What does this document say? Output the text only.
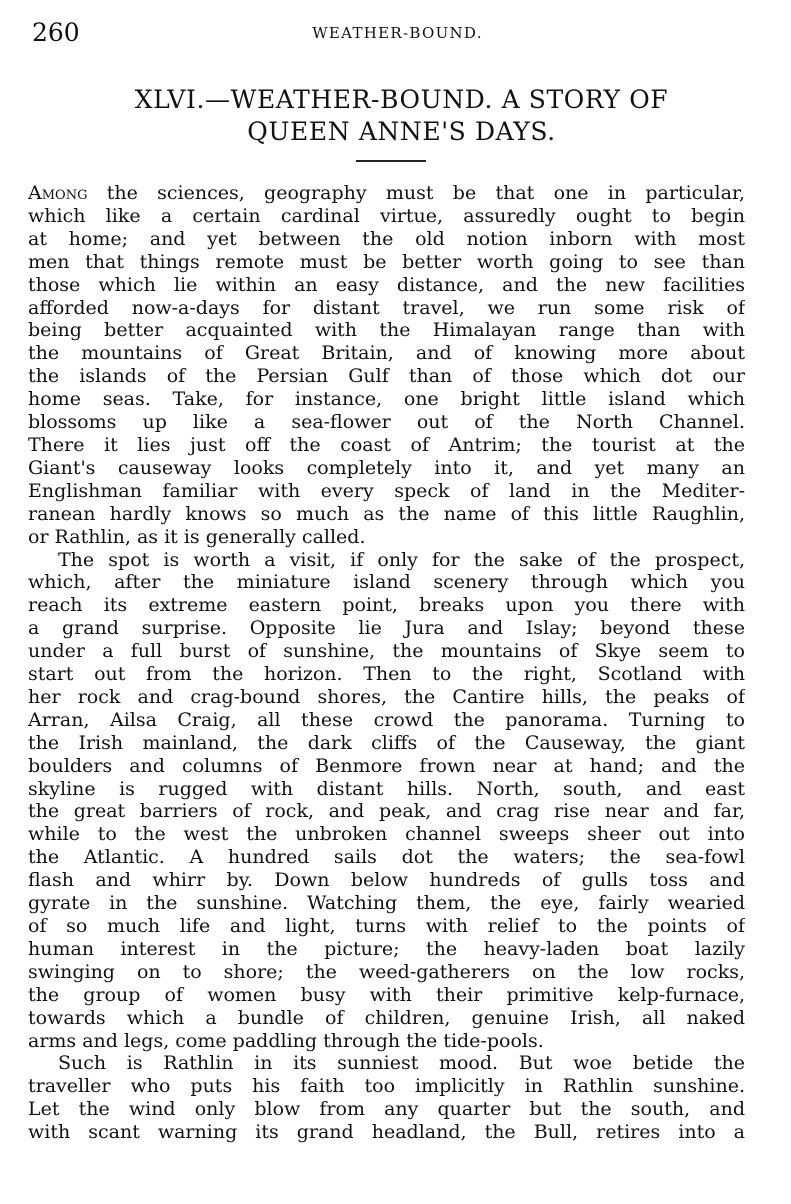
260	WEATHER-BOUND.
XLVI.—WEATHER-BOUND. A STORY OF
QUEEN ANNE'S DAYS.
Among the sciences, geography must be that one in particular,
which like a certain cardinal virtue, assuredly ought to begin
at home; and yet between the old notion inborn with most
men that things remote must be better worth going to see than
those which lie within an easy distance, and the new facilities
afforded now-a-days for distant travel, we run some risk of
being better acquainted with the Himalayan range than with
the mountains of Great Britain, and of knowing more about
the islands of the Persian Gulf than of those which dot our
home seas. Take, for instance, one bright little island which
blossoms up like a sea-flower out of the North Channel.
There it lies just off the coast of Antrim; the tourist at the
Giant's causeway looks completely into it, and yet many an
Englishman familiar with every speck of land in the Mediter-
ranean hardly knows so much as the name of this little Raughlin,
or Rathlin, as it is generally called.
The spot is worth a visit, if only for the sake of the prospect,
which, after the miniature island scenery through which you
reach its extreme eastern point, breaks upon you there with
a grand surprise. Opposite lie Jura and Islay; beyond these
under a full burst of sunshine, the mountains of Skye seem to
start out from the horizon. Then to the right, Scotland with
her rock and crag-bound shores, the Cantire hills, the peaks of
Arran, Ailsa Craig, all these crowd the panorama. Turning to
the Irish mainland, the dark cliffs of the Causeway, the giant
boulders and columns of Benmore frown near at hand; and the
skyline is rugged with distant hills. North, south, and east
the great barriers of rock, and peak, and crag rise near and far,
while to the west the unbroken channel sweeps sheer out into
the Atlantic. A hundred sails dot the waters; the sea-fowl
flash and whirr by. Down below hundreds of gulls toss and
gyrate in the sunshine. Watching them, the eye, fairly wearied
of so much life and light, turns with relief to the points of
human interest in the picture; the heavy-laden boat lazily
swinging on to shore; the weed-gatherers on the low rocks,
the group of women busy with their primitive kelp-furnace,
towards which a bundle of children, genuine Irish, all naked
arms and legs, come paddling through the tide-pools.
Such is Rathlin in its sunniest mood. But woe betide the
traveller who puts his faith too implicitly in Rathlin sunshine.
Let the wind only blow from any quarter but the south, and
with scant warning its grand headland, the Bull, retires into a
